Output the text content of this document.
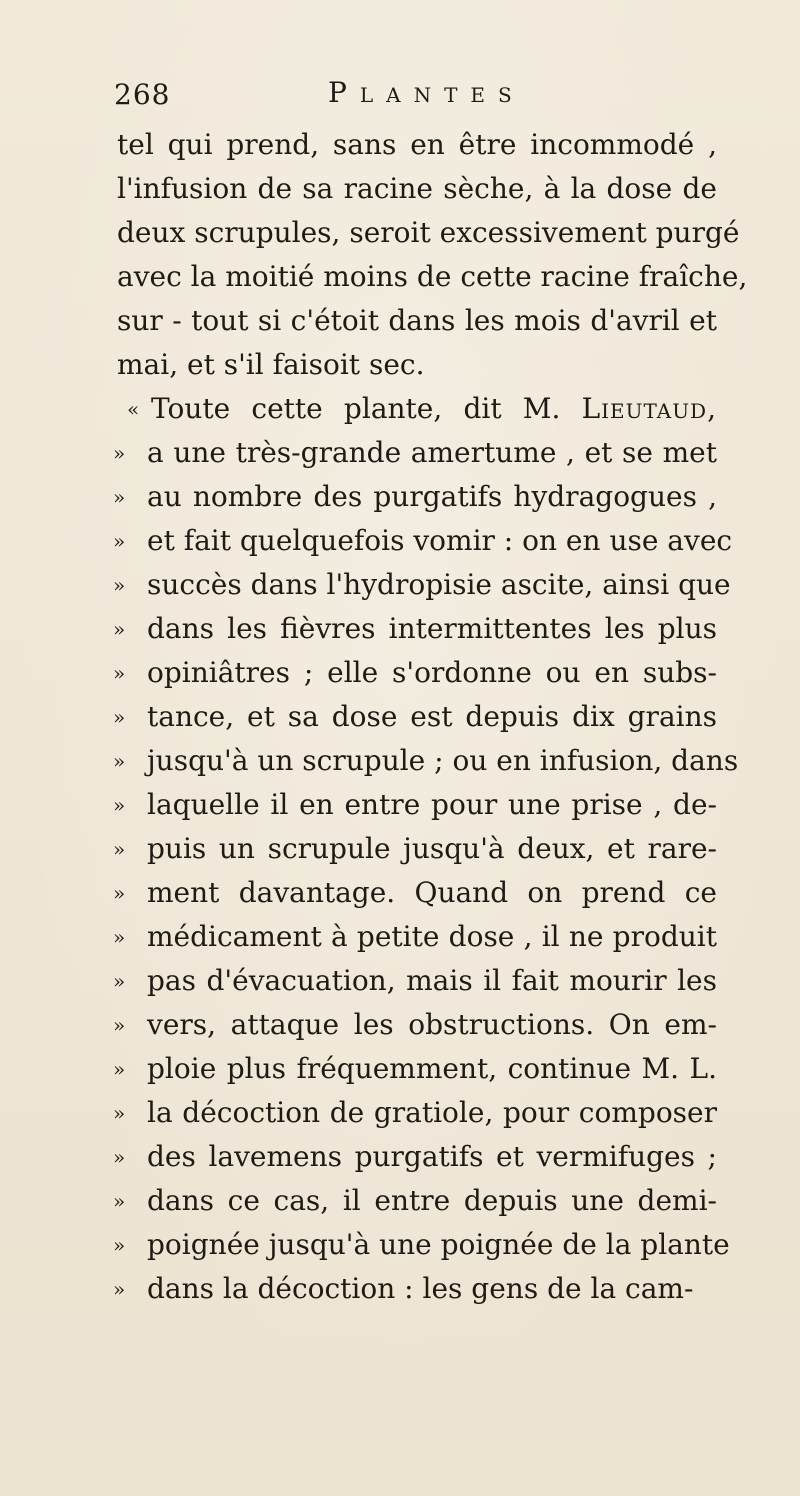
268	Plantes
tel qui prend, sans en être incommodé ,
l'infusion de sa racine sèche, à la dose de
deux scrupules, seroit excessivement purgé
avec la moitié moins de cette racine fraîche,
sur - tout si c'étoit dans les mois d'avril et
mai, et s'il faisoit sec.
« Toute cette plante, dit M. Lieutaud,
» a une très-grande amertume , et se met
» au nombre des purgatifs hydragogues ,
» et fait quelquefois vomir : on en use avec
» succès dans l'hydropisie ascite, ainsi que
» dans les fièvres intermittentes les plus
» opiniâtres ; elle s'ordonne ou en subs-
» tance, et sa dose est depuis dix grains
» jusqu'à un scrupule ; ou en infusion, dans
» laquelle il en entre pour une prise , de-
» puis un scrupule jusqu'à deux, et rare-
» ment davantage. Quand on prend ce
» médicament à petite dose , il ne produit
» pas d'évacuation, mais il fait mourir les
» vers, attaque les obstructions. On em-
» ploie plus fréquemment, continue M. L.
» la décoction de gratiole, pour composer
» des lavemens purgatifs et vermifuges ;
» dans ce cas, il entre depuis une demi-
» poignée jusqu'à une poignée de la plante
» dans la décoction : les gens de la cam-
